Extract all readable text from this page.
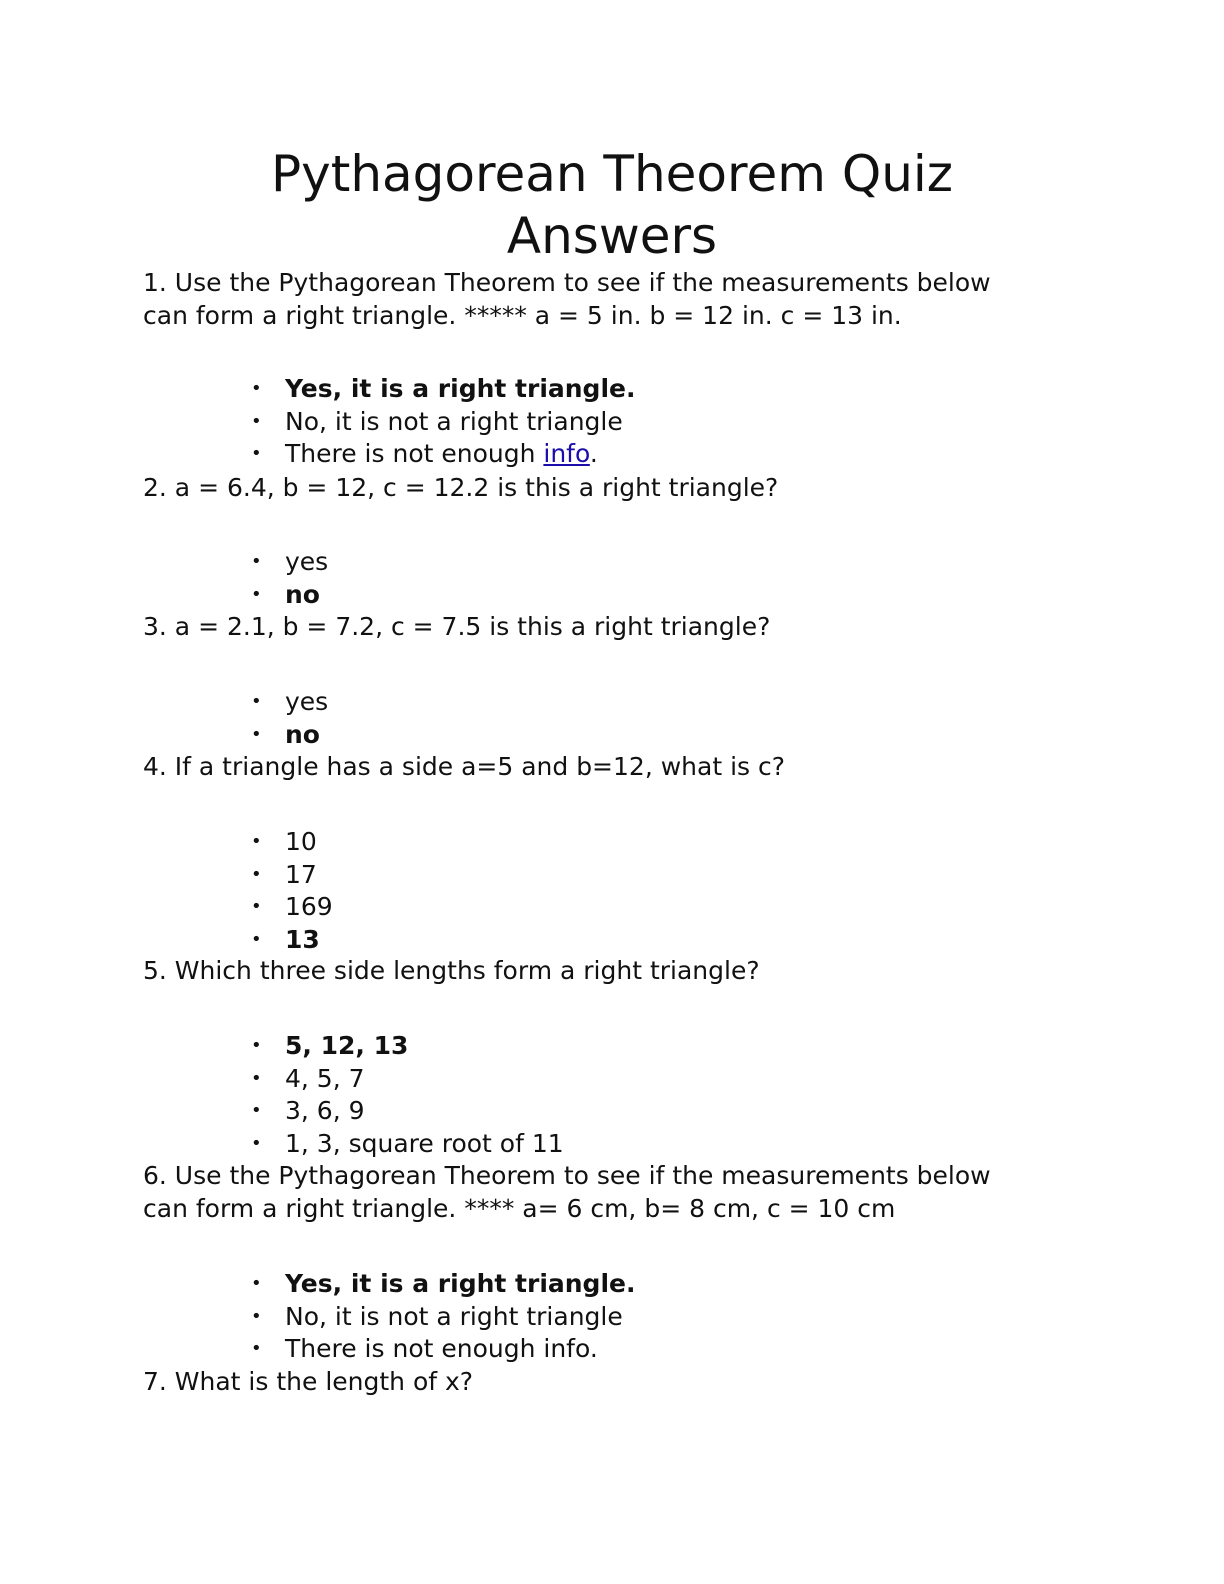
Pythagorean Theorem Quiz
Answers

1. Use the Pythagorean Theorem to see if the measurements below
can form a right triangle. ***** a = 5 in. b = 12 in. c = 13 in.

• Yes, it is a right triangle.
• No, it is not a right triangle
• There is not enough info.

2. a = 6.4, b = 12, c = 12.2 is this a right triangle?

• yes
• no

3. a = 2.1, b = 7.2, c = 7.5 is this a right triangle?

• yes
• no

4. If a triangle has a side a=5 and b=12, what is c?

• 10
• 17
• 169
• 13

5. Which three side lengths form a right triangle?

• 5, 12, 13
• 4, 5, 7
• 3, 6, 9
• 1, 3, square root of 11

6. Use the Pythagorean Theorem to see if the measurements below
can form a right triangle. **** a= 6 cm, b= 8 cm, c = 10 cm

• Yes, it is a right triangle.
• No, it is not a right triangle
• There is not enough info.

7. What is the length of x?
